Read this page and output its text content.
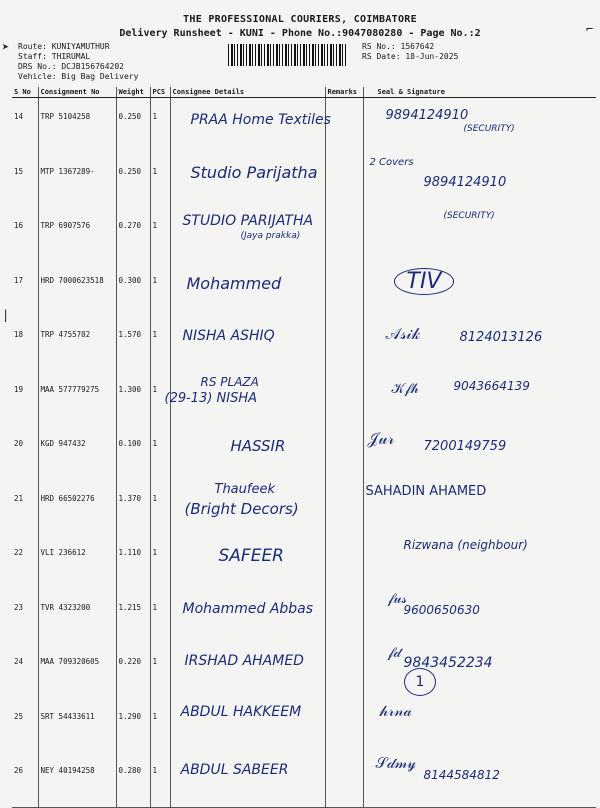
➤
|
⌐
THE PROFESSIONAL COURIERS, COIMBATORE
Delivery Runsheet - KUNI - Phone No.:9047080280 - Page No.:2
Route: KUNIYAMUTHUR
Staff: THIRUMAL
DRS No.: DCJB156764202
Vehicle: Big Bag Delivery
RS No.: 1567642
RS Date: 18-Jun-2025
S No	Consignment No	Weight	PCS	Consignee Details	Remarks	Seal & Signature
14	TRP 5104258	0.250	1	PRAA Home Textiles		9894124910
(SECURITY)

15	MTP 1367289-	0.250	1	Studio Parijatha		2 Covers
9894124910

16	TRP 6907576	0.270	1	STUDIO PARIJATHA
(Jaya prakka)		(SECURITY)

17	HRD 7000623518	0.300	1	Mohammed		TIV

18	TRP 4755702	1.570	1	NISHA ASHIQ		𝒜𝓈𝒾𝓀 8124013126

19	MAA 577779275	1.300	1	RS PLAZA
(29-13) NISHA		𝒦𝒻𝒽 9043664139

20	KGD 947432	0.100	1	HASSIR		𝒥𝓊𝓇 7200149759

21	HRD 66502276	1.370	1	Thaufeek
(Bright Decors)		SAHADIN AHAMED

22	VLI 236612	1.110	1	SAFEER		Rizwana (neighbour)

23	TVR 4323200	1.215	1	Mohammed Abbas		𝒻𝓊𝓈
9600650630

24	MAA 709320605	0.220	1	IRSHAD AHAMED		𝒻𝒹
9843452234

25	SRT 54433611	1.290	1	ABDUL HAKKEEM		𝒽𝓇𝓃𝒶

26	NEY 40194258	0.280	1	ABDUL SABEER		𝒮𝒹𝓂𝓎
8144584812
1
